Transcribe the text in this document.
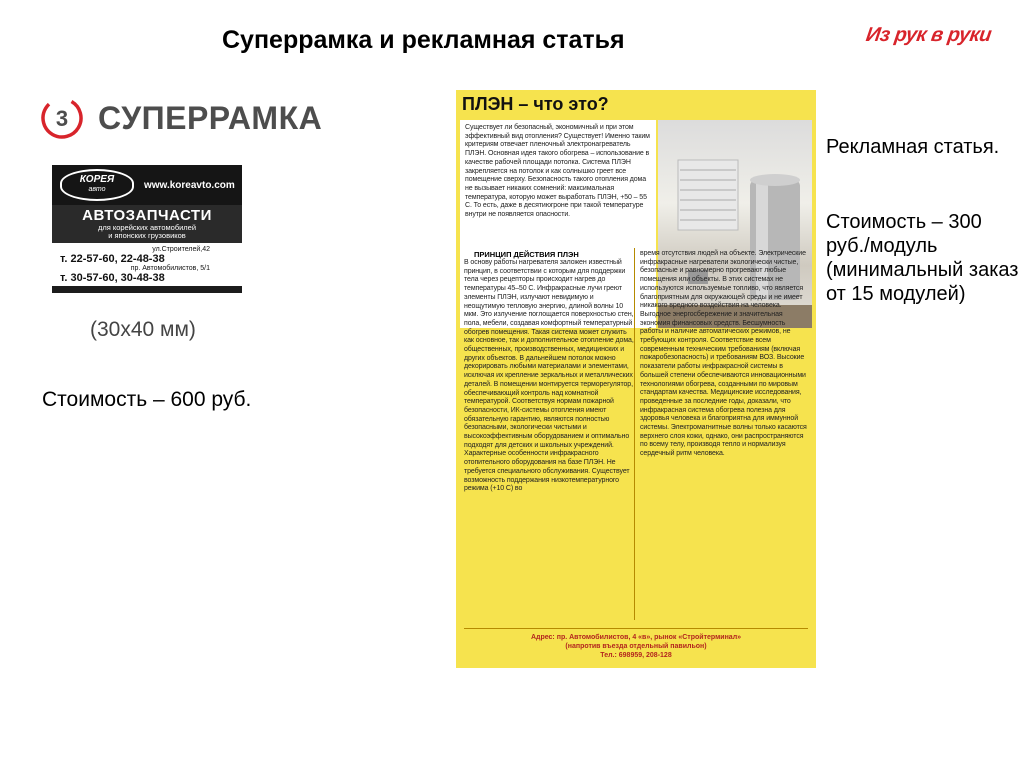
Суперрамка и рекламная статья	Из рук в руки
3 СУПЕРРАМКА
КОРЕЯ
авто	www.koreavto.com
АВТОЗАПЧАСТИ
для корейских автомобилей
и японских грузовиков
ул.Строителей,42
т. 22-57-60, 22-48-38
пр. Автомобилистов, 5/1
т. 30-57-60, 30-48-38
(30х40 мм)
Стоимость – 600 руб.
ПЛЭН – что это?
Существует ли безопасный, экономичный и при этом эффективный вид отопления? Существует! Именно таким критериям отвечает пленочный электронагреватель ПЛЭН. Основная идея такого обогрева – использование в качестве рабочей площади потолка. Система ПЛЭН закрепляется на потолок и как солнышко греет все помещение сверху. Безопасность такого отопления дома не вызывает никаких сомнений: максимальная температура, которую может выработать ПЛЭН, +50 – 55 С. То есть, даже в десятиюгроне при такой температуре внутри не появляется опасности.
ПРИНЦИП ДЕЙСТВИЯ ПЛЭН
В основу работы нагревателя заложен известный принцип, в соответствии с которым для поддержки тела через рецепторы происходит нагрев до температуры 45–50 С. Инфракрасные лучи греют элементы ПЛЭН, излучают невидимую и неощутимую тепловую энергию, длиной волны 10 мкм. Это излучение поглощается поверхностью стен, пола, мебели, создавая комфортный температурный обогрев помещения. Такая система может служить как основное, так и дополнительное отопление дома, общественных, производственных, медицинских и других объектов. В дальнейшем потолок можно декорировать любыми материалами и элементами, исключая их крепление зеркальных и металлических деталей. В помещении монтируется терморегулятор, обеспечивающий контроль над комнатной температурой. Соответствуя нормам пожарной безопасности, ИК-системы отопления имеют обязательную гарантию, являются полностью безопасными, экологически чистыми и высокоэффективным оборудованием и оптимально подходят для детских и школьных учреждений. Характерные особенности инфракрасного отопительного оборудования на базе ПЛЭН. Не требуется специального обслуживания. Существует возможность поддержания низкотемпературного режима (+10 С) во
время отсутствия людей на объекте. Электрические инфракрасные нагреватели экологически чистые, безопасные и равномерно прогревают любые помещения или объекты. В этих системах не используются иcпользуемые топливо, что является благоприятным для окружающей среды и не имеет никакого вредного воздействия на человека. Выгодное энергосбережение и значительная экономия финансовых средств. Бесшумность работы и наличие автоматических режимов, не требующих контроля. Соответствие всем современным техническим требованиям (включая пожаробезопасность) и требованиям ВОЗ. Высокие показатели работы инфракрасной системы в большей степени обеспечиваются инновационными технологиями обогрева, созданными по мировым стандартам качества. Медицинские исследования, проведенные за последние годы, доказали, что инфракрасная система обогрева полезна для здоровья человека и благоприятна для иммунной системы. Электромагнитные волны только касаются верхнего слоя кожи, однако, они распространяются по всему телу, производя тепло и нормализуя сердечный ритм человека.
Адрес: пр. Автомобилистов, 4 «в», рынок «Стройтерминал»
(напротив въезда отдельный павильон)
Тел.: 698959, 208-128
Рекламная статья.
Стоимость – 300 руб./модуль (минимальный заказ от 15 модулей)
